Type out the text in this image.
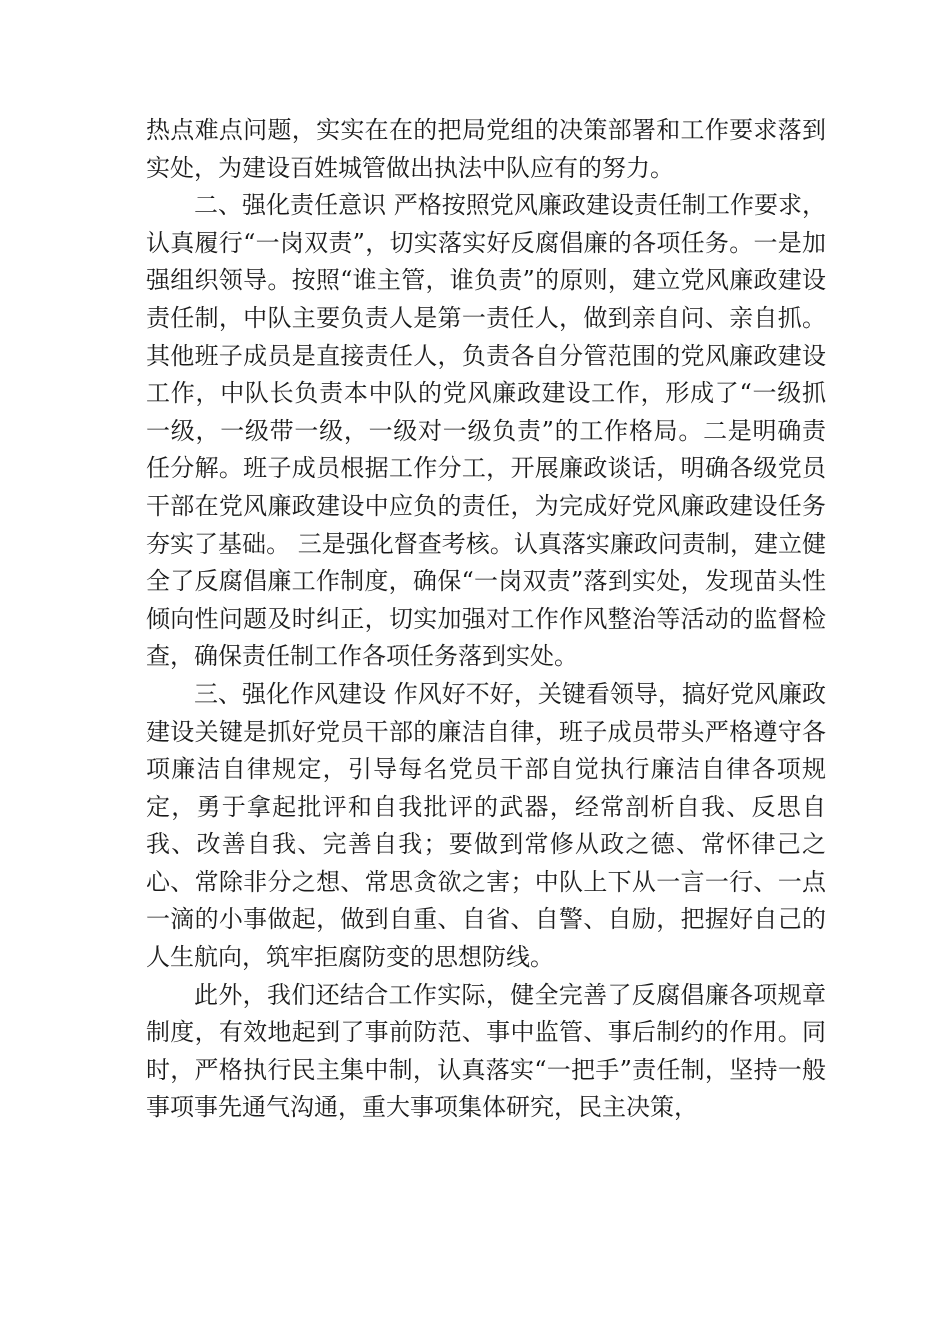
热点难点问题，实实在在的把局党组的决策部署和工作要求落到实处，为建设百姓城管做出执法中队应有的努力。

二、强化责任意识 严格按照党风廉政建设责任制工作要求，认真履行“一岗双责”，切实落实好反腐倡廉的各项任务。一是加强组织领导。按照“谁主管，谁负责”的原则，建立党风廉政建设责任制，中队主要负责人是第一责任人，做到亲自问、亲自抓。其他班子成员是直接责任人，负责各自分管范围的党风廉政建设工作，中队长负责本中队的党风廉政建设工作，形成了“一级抓一级，一级带一级，一级对一级负责”的工作格局。二是明确责任分解。班子成员根据工作分工，开展廉政谈话，明确各级党员干部在党风廉政建设中应负的责任，为完成好党风廉政建设任务夯实了基础。 三是强化督查考核。认真落实廉政问责制，建立健全了反腐倡廉工作制度，确保“一岗双责”落到实处，发现苗头性倾向性问题及时纠正，切实加强对工作作风整治等活动的监督检查，确保责任制工作各项任务落到实处。

三、强化作风建设 作风好不好，关键看领导，搞好党风廉政建设关键是抓好党员干部的廉洁自律，班子成员带头严格遵守各项廉洁自律规定，引导每名党员干部自觉执行廉洁自律各项规定，勇于拿起批评和自我批评的武器，经常剖析自我、反思自我、改善自我、完善自我；要做到常修从政之德、常怀律己之心、常除非分之想、常思贪欲之害；中队上下从一言一行、一点一滴的小事做起，做到自重、自省、自警、自励，把握好自己的人生航向，筑牢拒腐防变的思想防线。

此外，我们还结合工作实际，健全完善了反腐倡廉各项规章制度，有效地起到了事前防范、事中监管、事后制约的作用。同时，严格执行民主集中制，认真落实“一把手”责任制，坚持一般事项事先通气沟通，重大事项集体研究，民主决策，
